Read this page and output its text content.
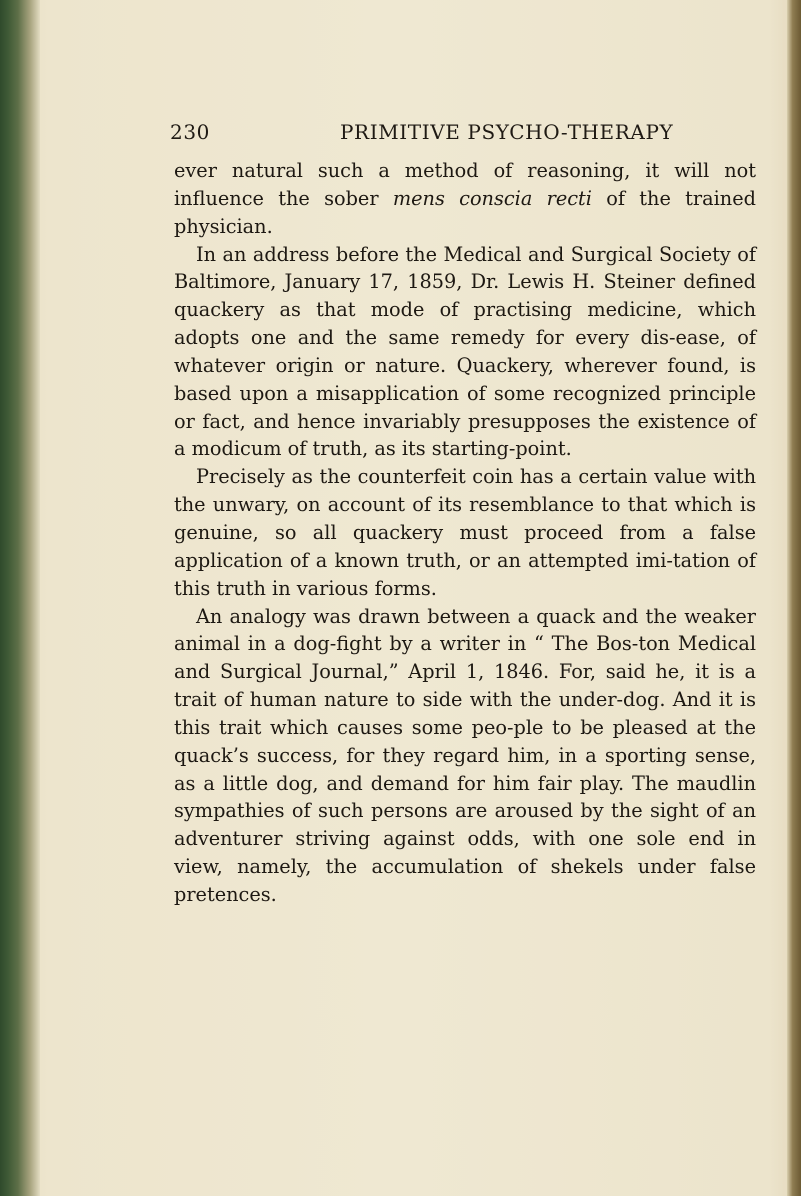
230	PRIMITIVE PSYCHO-THERAPY

ever natural such a method of reasoning, it will not influence the sober mens conscia recti of the trained physician.

In an address before the Medical and Surgical Society of Baltimore, January 17, 1859, Dr. Lewis H. Steiner defined quackery as that mode of practising medicine, which adopts one and the same remedy for every dis-ease, of whatever origin or nature. Quackery, wherever found, is based upon a misapplication of some recognized principle or fact, and hence invariably presupposes the existence of a modicum of truth, as its starting-point.

Precisely as the counterfeit coin has a certain value with the unwary, on account of its resemblance to that which is genuine, so all quackery must proceed from a false application of a known truth, or an attempted imi-tation of this truth in various forms.

An analogy was drawn between a quack and the weaker animal in a dog-fight by a writer in “ The Bos-ton Medical and Surgical Journal,” April 1, 1846. For, said he, it is a trait of human nature to side with the under-dog. And it is this trait which causes some peo-ple to be pleased at the quack’s success, for they regard him, in a sporting sense, as a little dog, and demand for him fair play. The maudlin sympathies of such persons are aroused by the sight of an adventurer striving against odds, with one sole end in view, namely, the accumulation of shekels under false pretences.
